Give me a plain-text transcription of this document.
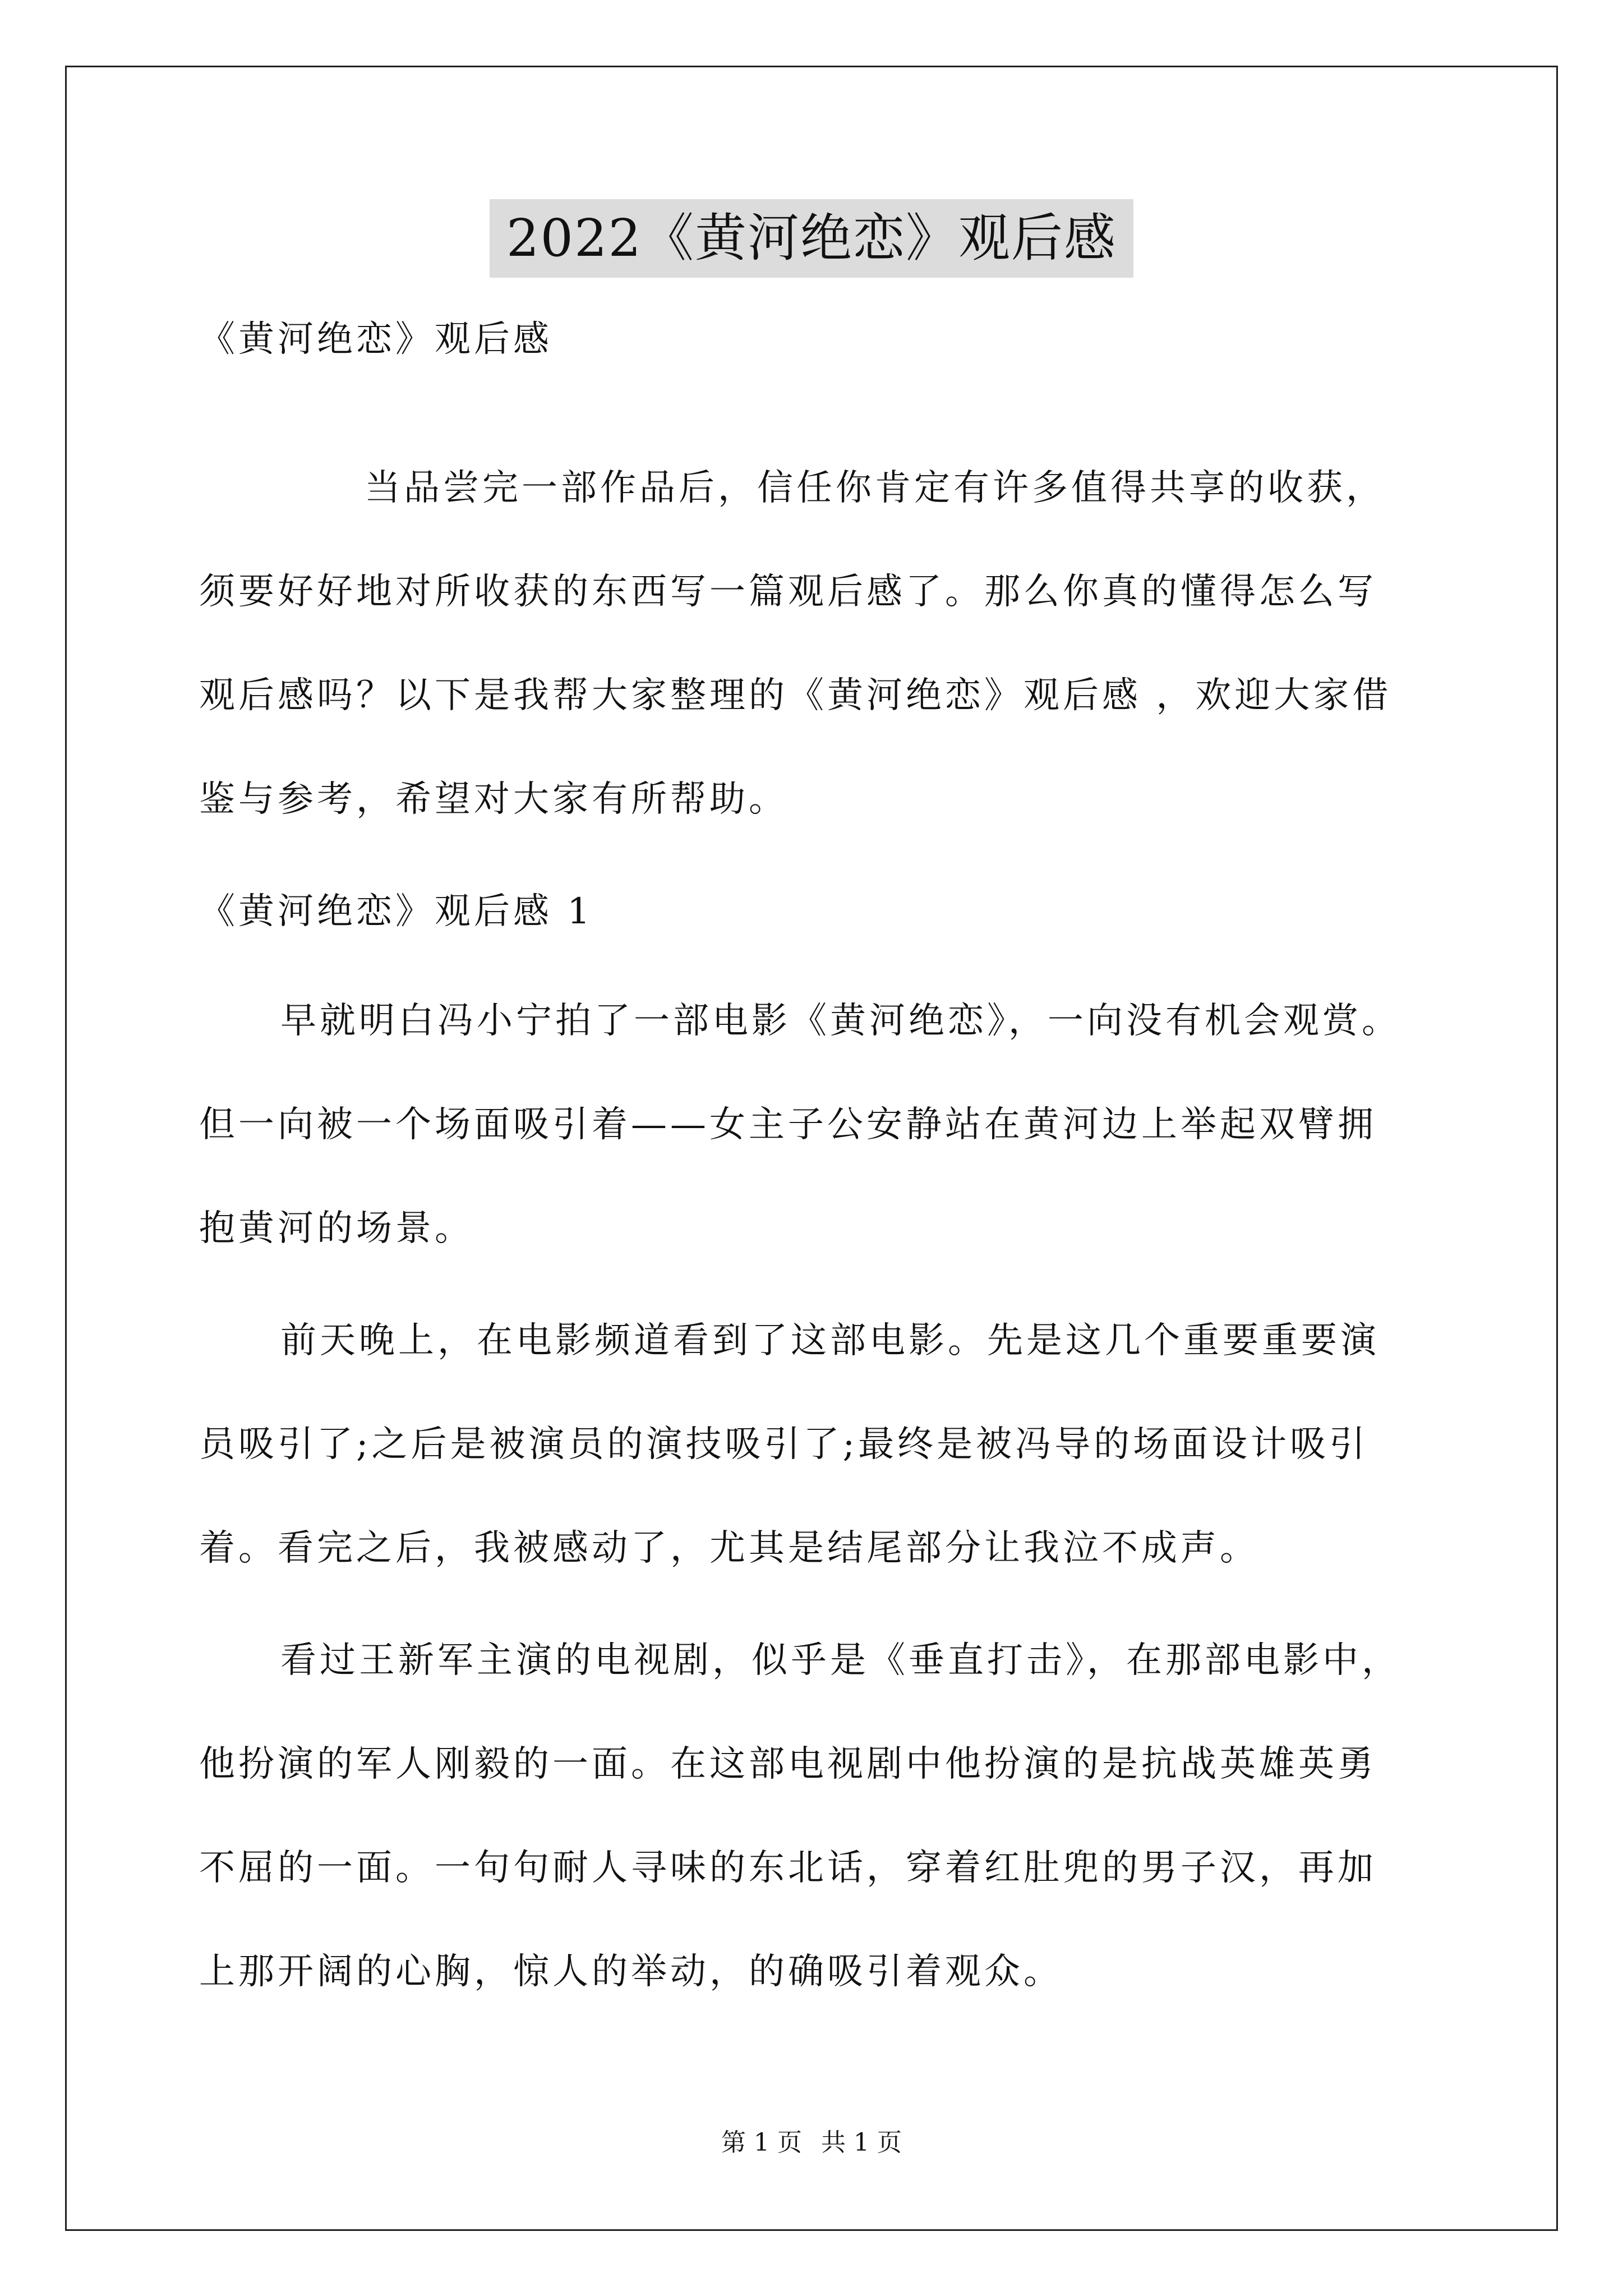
2022《黄河绝恋》观后感
《黄河绝恋》观后感
当品尝完一部作品后，信任你肯定有许多值得共享的收获，
须要好好地对所收获的东西写一篇观后感了。那么你真的懂得怎么写
观后感吗？以下是我帮大家整理的《黄河绝恋》观后感 ，欢迎大家借
鉴与参考，希望对大家有所帮助。
《黄河绝恋》观后感 1
早就明白冯小宁拍了一部电影《黄河绝恋》，一向没有机会观赏。
但一向被一个场面吸引着——女主子公安静站在黄河边上举起双臂拥
抱黄河的场景。
前天晚上，在电影频道看到了这部电影。先是这几个重要重要演
员吸引了;之后是被演员的演技吸引了;最终是被冯导的场面设计吸引
着。看完之后，我被感动了，尤其是结尾部分让我泣不成声。
看过王新军主演的电视剧，似乎是《垂直打击》，在那部电影中，
他扮演的军人刚毅的一面。在这部电视剧中他扮演的是抗战英雄英勇
不屈的一面。一句句耐人寻味的东北话，穿着红肚兜的男子汉，再加
上那开阔的心胸，惊人的举动，的确吸引着观众。
第 1 页 共 1 页
